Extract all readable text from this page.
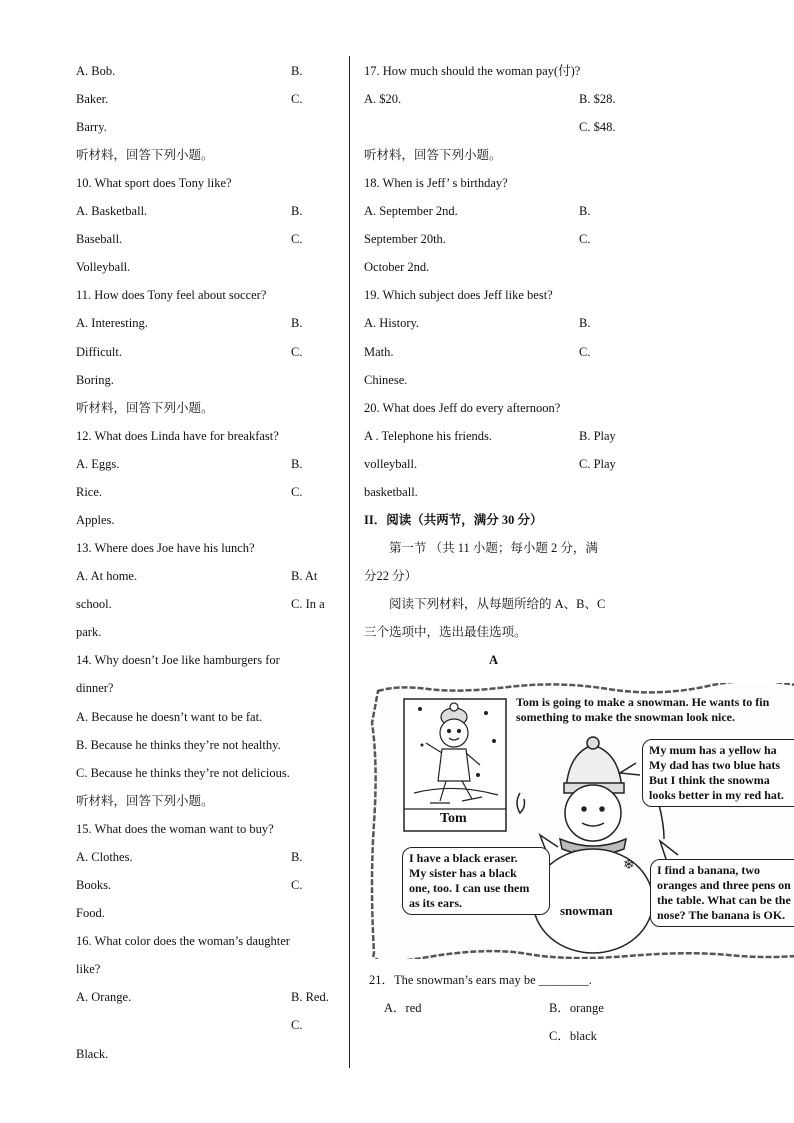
A. Bob.	B.
Baker.	C.
Barry.
听材料，回答下列小题。
10. What sport does Tony like?
A. Basketball.	B.
Baseball.	C.
Volleyball.
11. How does Tony feel about soccer?
A. Interesting.	B.
Difficult.	C.
Boring.
听材料，回答下列小题。
12. What does Linda have for breakfast?
A. Eggs.	B.
Rice.	C.
Apples.
13. Where does Joe have his lunch?
A. At home.	B. At
school.	C. In a
park.
14. Why doesn’t Joe like hamburgers for
dinner?
A. Because he doesn’t want to be fat.
B. Because he thinks they’re not healthy.
C. Because he thinks they’re not delicious.
听材料，回答下列小题。
15. What does the woman want to buy?
A. Clothes.	B.
Books.	C.
Food.
16. What color does the woman’s daughter
like?
A. Orange.	B. Red.
C.
Black.
17. How much should the woman pay(付)?
A. $20.	B. $28.
C. $48.
听材料，回答下列小题。
18. When is Jeff’ s birthday?
A. September 2nd.	B.
September 20th.	C.
October 2nd.
19. Which subject does Jeff like best?
A. History.	B.
Math.	C.
Chinese.
20. What does Jeff do every afternoon?
A . Telephone his friends.	B. Play
volleyball.	C. Play
basketball.
II．阅读（共两节，满分 30 分）
第一节 （共 11 小题；每小题 2 分，满
分22 分）
阅读下列材料，从每题所给的 A、B、C
三个选项中，选出最佳选项。
A
21．The snowman’s ears may be ________.
A．red	B．orange
C．black
❄
Tom is going to make a snowman. He wants to fin
something to make the snowman look nice.
Tom
snowman
My mum has a yellow ha
My dad has two blue hats
But I think the snowma
looks better in my red hat.
I have a black eraser.
My sister has a black
one, too. I can use them
as its ears.
I find a banana, two
oranges and three pens on
the table. What can be the
nose? The banana is OK.
